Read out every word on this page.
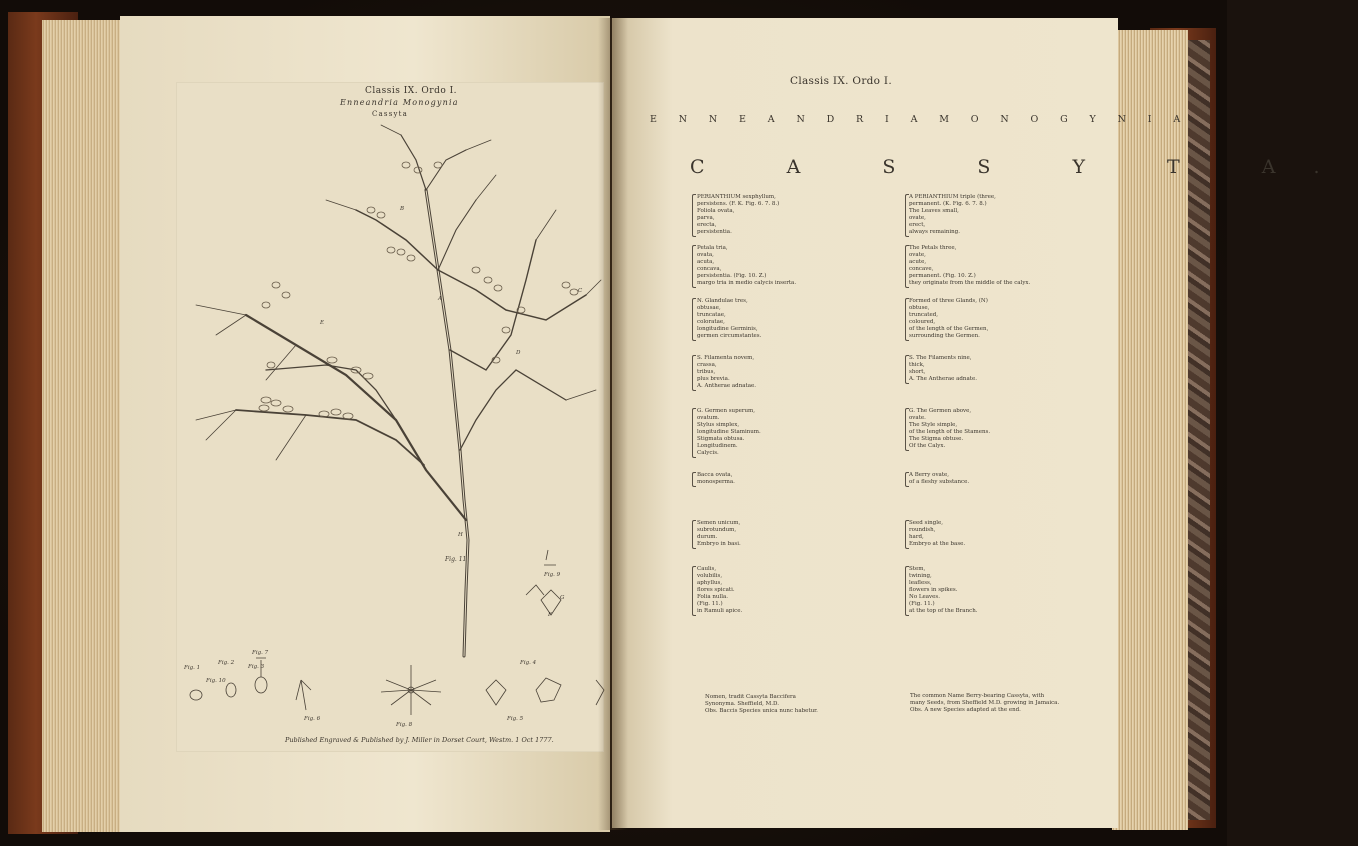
Classis IX. Ordo I.
Enneandria Monogynia
Cassyta
Fig. 11
Fig. 1
Fig. 2
Fig. 3
Fig. 4
Fig. 5
Fig. 6
Fig. 7
Fig. 8
Fig. 9
Fig. 10
A
B
C
D
E
F
G
H
Published Engraved & Published by J. Miller in Dorset Court, Westm. 1 Oct 1777.
Classis IX. Ordo I.
E N N E A N D R I A M O N O G Y N I A.
C A S S Y T A.
PERIANTHIUM sexphyllum,
persistens. (F. K. Fig. 6. 7. 8.)
Foliola ovata,
parva,
erecta,
persistentia.
Petala tria,
ovata,
acuta,
concava,
persistentia. (Fig. 10. Z.)
margo tria in medio calycis inserta.
N. Glandulae tres,
obtusae,
truncatae,
coloratae,
longitudine Germinis,
germen circumstantes.
S. Filamenta novem,
crassa,
tribus,
plus brevia.
A. Antherae adnatae.
G. Germen superum,
ovatum.
Stylus simplex,
longitudine Staminum.
Stigmata obtusa.
Longitudinem.
Calycis.
Bacca ovata,
monosperma.
Semen unicum,
subrotundum,
durum.
Embryo in basi.
Caulis,
volubilis,
aphyllus,
flores spicati.
Folia nulla.
(Fig. 11.)
in Ramuli apice.
A PERIANTHIUM triple (three,
permanent. (K. Fig. 6. 7. 8.)
The Leaves small,
ovate,
erect,
always remaining.
The Petals three,
ovate,
acute,
concave,
permanent. (Fig. 10. Z.)
they originate from the middle of the calyx.
Formed of three Glands, (N)
obtuse,
truncated,
coloured,
of the length of the Germen,
surrounding the Germen.
S. The Filaments nine,
thick,
short,
A. The Antherae adnate.
G. The Germen above,
ovate.
The Style simple,
of the length of the Stamens.
The Stigma obtuse.
Of the Calyx.
A Berry ovate,
of a fleshy substance.
Seed single,
roundish,
hard,
Embryo at the base.
Stem,
twining,
leafless,
flowers in spikes.
No Leaves.
(Fig. 11.)
at the top of the Branch.
Nomen, tradit Cassyta Baccifera
Synonyma. Sheffield, M.D.
Obs. Baccis Species unica nunc habetur.
The common Name Berry-bearing Cassyta, with
many Seeds, from Sheffield M.D. growing in Jamaica.
Obs. A new Species adapted at the end.
